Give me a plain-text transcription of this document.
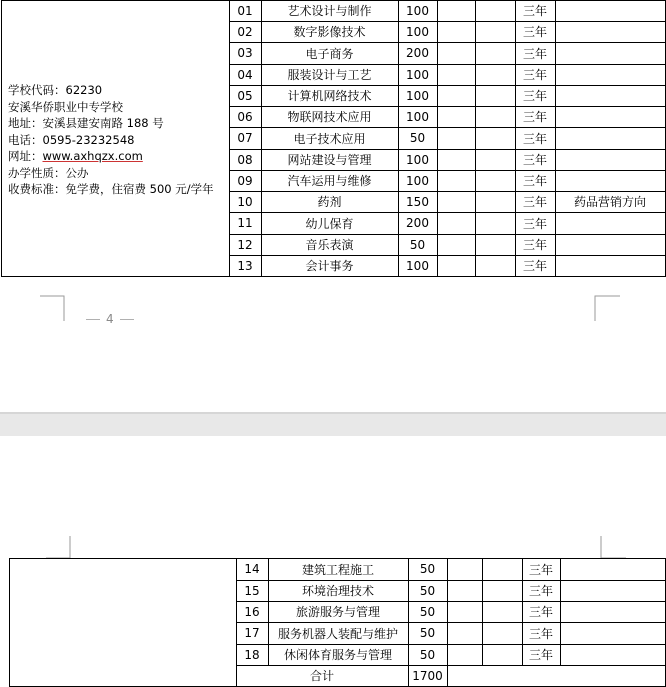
学校代码：62230
安溪华侨职业中专学校
地址：安溪县建安南路 188 号
电话：0595-23232548
网址：www.axhqzx.com
办学性质：公办
收费标准：免学费，住宿费 500 元/学年
01	艺术设计与制作	100	三年
02	数字影像技术	100	三年
03	电子商务	200	三年
04	服装设计与工艺	100	三年
05	计算机网络技术	100	三年
06	物联网技术应用	100	三年
07	电子技术应用	50	三年
08	网站建设与管理	100	三年
09	汽车运用与维修	100	三年
10	药剂	150	三年	药品营销方向
11	幼儿保育	200	三年
12	音乐表演	50	三年
13	会计事务	100	三年
4
14	建筑工程施工	50	三年
15	环境治理技术	50	三年
16	旅游服务与管理	50	三年
17	服务机器人装配与维护	50	三年
18	休闲体育服务与管理	50	三年
合计	1700
